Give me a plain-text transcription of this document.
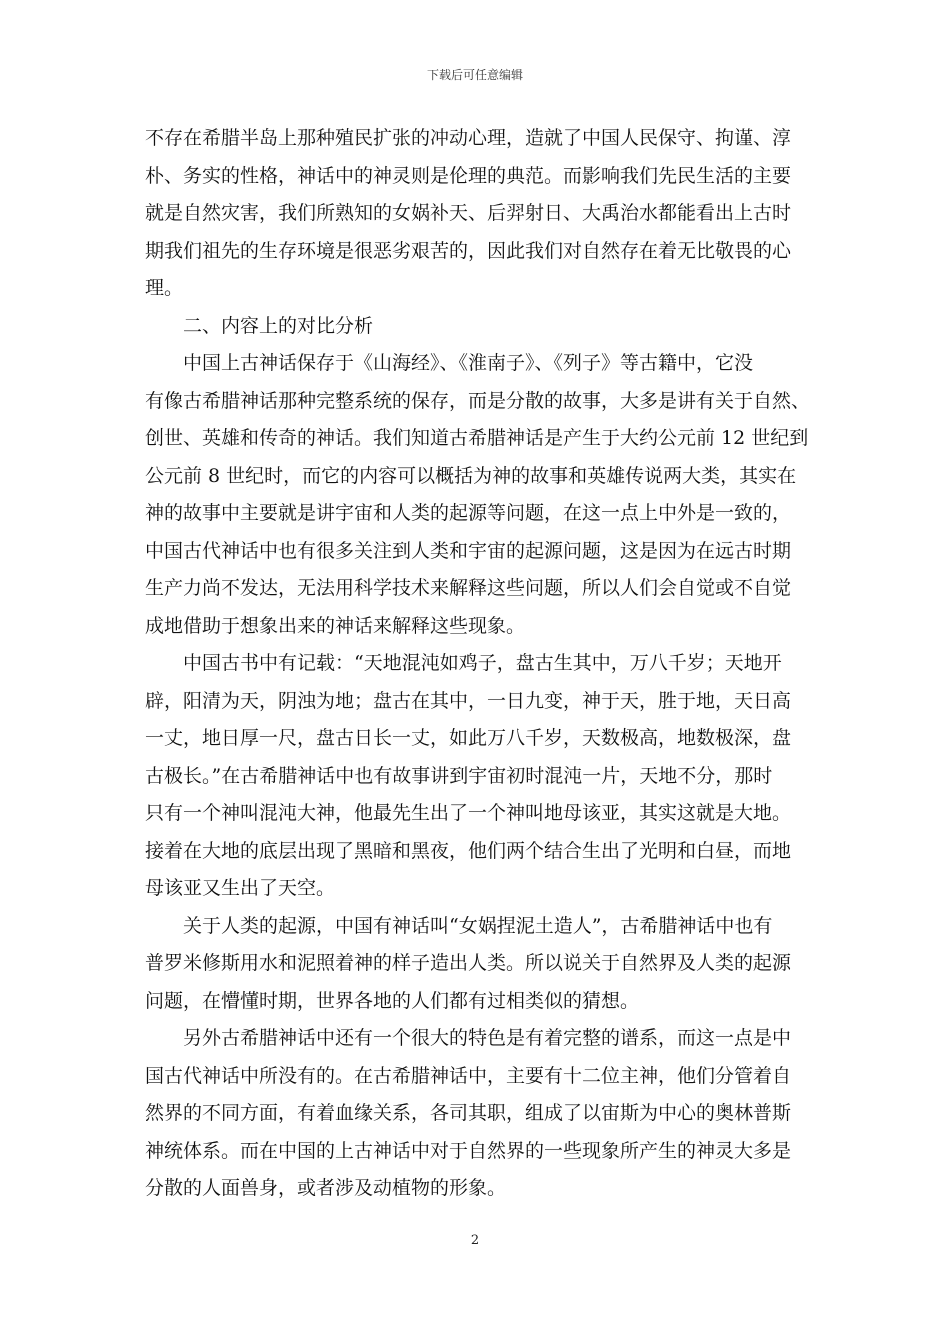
下载后可任意编辑
不存在希腊半岛上那种殖民扩张的冲动心理，造就了中国人民保守、拘谨、淳
朴、务实的性格，神话中的神灵则是伦理的典范。而影响我们先民生活的主要
就是自然灾害，我们所熟知的女娲补天、后羿射日、大禹治水都能看出上古时
期我们祖先的生存环境是很恶劣艰苦的，因此我们对自然存在着无比敬畏的心
理。
二、内容上的对比分析
中国上古神话保存于《山海经》、《淮南子》、《列子》等古籍中，它没
有像古希腊神话那种完整系统的保存，而是分散的故事，大多是讲有关于自然、
创世、英雄和传奇的神话。我们知道古希腊神话是产生于大约公元前 12 世纪到
公元前 8 世纪时，而它的内容可以概括为神的故事和英雄传说两大类，其实在
神的故事中主要就是讲宇宙和人类的起源等问题，在这一点上中外是一致的，
中国古代神话中也有很多关注到人类和宇宙的起源问题，这是因为在远古时期
生产力尚不发达，无法用科学技术来解释这些问题，所以人们会自觉或不自觉
成地借助于想象出来的神话来解释这些现象。
中国古书中有记载：“天地混沌如鸡子，盘古生其中，万八千岁；天地开
辟，阳清为天，阴浊为地；盘古在其中，一日九变，神于天，胜于地，天日高
一丈，地日厚一尺，盘古日长一丈，如此万八千岁，天数极高，地数极深，盘
古极长。”在古希腊神话中也有故事讲到宇宙初时混沌一片，天地不分，那时
只有一个神叫混沌大神，他最先生出了一个神叫地母该亚，其实这就是大地。
接着在大地的底层出现了黑暗和黑夜，他们两个结合生出了光明和白昼，而地
母该亚又生出了天空。
关于人类的起源，中国有神话叫“女娲捏泥土造人”，古希腊神话中也有
普罗米修斯用水和泥照着神的样子造出人类。所以说关于自然界及人类的起源
问题，在懵懂时期，世界各地的人们都有过相类似的猜想。
另外古希腊神话中还有一个很大的特色是有着完整的谱系，而这一点是中
国古代神话中所没有的。在古希腊神话中，主要有十二位主神，他们分管着自
然界的不同方面，有着血缘关系，各司其职，组成了以宙斯为中心的奥林普斯
神统体系。而在中国的上古神话中对于自然界的一些现象所产生的神灵大多是
分散的人面兽身，或者涉及动植物的形象。
2
